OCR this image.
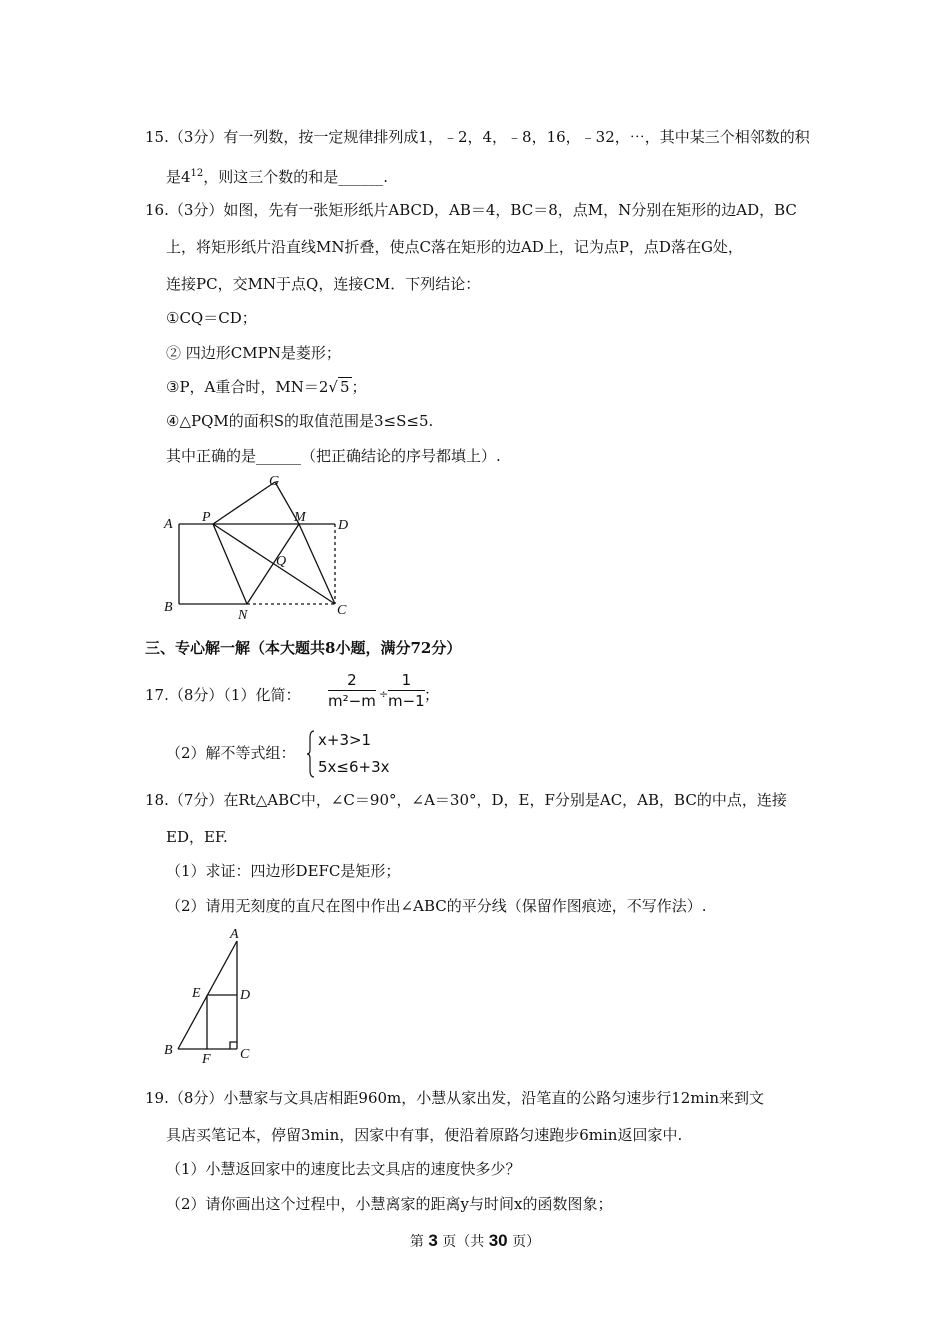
15.（3分）有一列数，按一定规律排列成1，﹣2，4，﹣8，16，﹣32，⋯，其中某三个相邻数的积
是$4^{12}$，则这三个数的和是______.
16.（3分）如图，先有一张矩形纸片ABCD，AB＝4，BC＝8，点M，N分别在矩形的边AD，BC
上，将矩形纸片沿直线MN折叠，使点C落在矩形的边AD上，记为点P，点D落在G处，
连接PC，交MN于点Q，连接CM．下列结论：
①CQ＝CD；
② 四边形CMPN是菱形；
③P，A重合时，MN＝2√ 5 ；
④△PQM的面积S的取值范围是3≤S≤5.
其中正确的是______（把正确结论的序号都填上）.
A
B	C
D
G
M
N
P
Q
三、专心解一解（本大题共8小题，满分72分）
17.（8分）（1）化简： $\frac{2}{\text{m²−m}} \div \frac{1}{m-1}$ ；
（2）解不等式组：
x+3>1
5x≤6+3x
18.（7分）在Rt△ABC中，∠C＝90°，∠A＝30°，D，E，F分别是AC，AB，BC的中点，连接
ED，EF.
（1）求证：四边形DEFC是矩形；
（2）请用无刻度的直尺在图中作出∠ABC的平分线（保留作图痕迹，不写作法）.
A
B	C
D
E
F
19.（8分）小慧家与文具店相距960m，小慧从家出发，沿笔直的公路匀速步行12min来到文
具店买笔记本，停留3min，因家中有事，便沿着原路匀速跑步6min返回家中.
（1）小慧返回家中的速度比去文具店的速度快多少？
（2）请你画出这个过程中，小慧离家的距离y与时间x的函数图象；
第 3 页（共 30 页）
